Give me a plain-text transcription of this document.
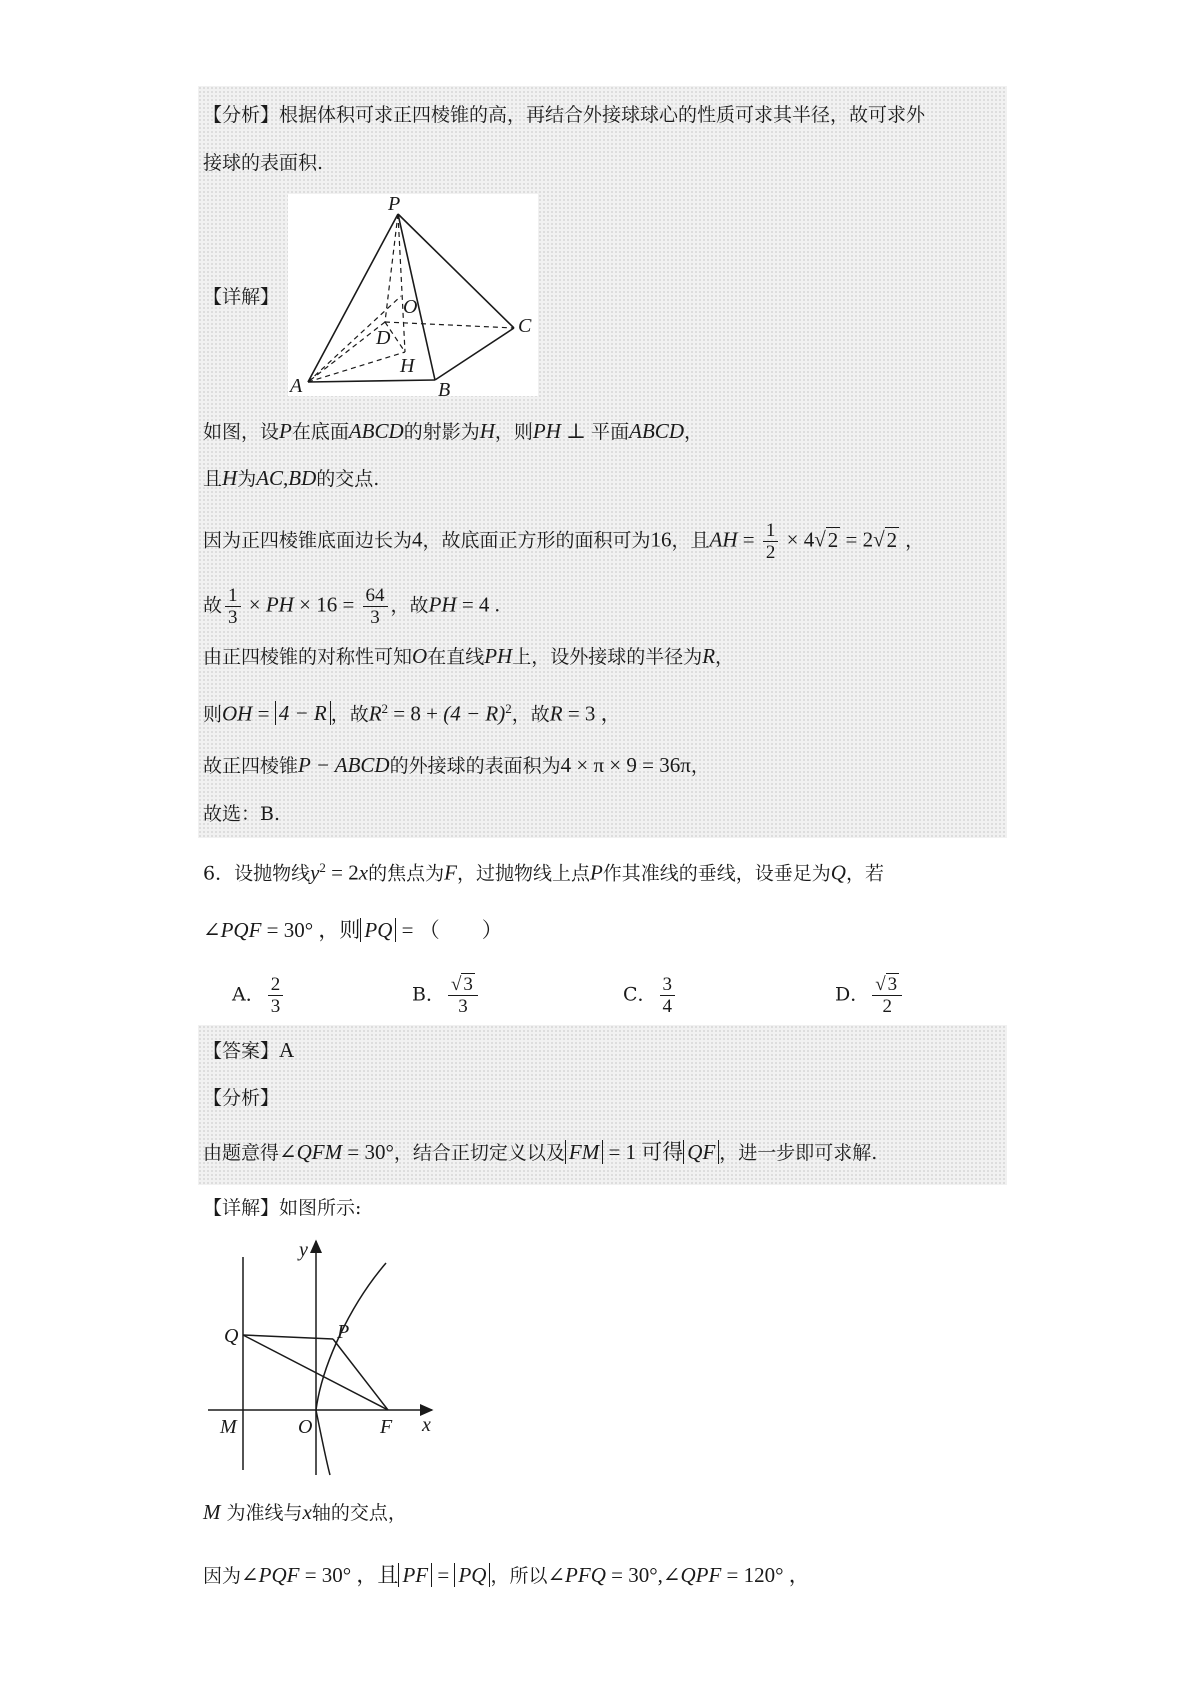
【分析】根据体积可求正四棱锥的高，再结合外接球球心的性质可求其半径，故可求外
接球的表面积.
【详解】
P
O
C
D
H
A	B
如图，设P在底面ABCD的射影为H，则PH ⊥ 平面ABCD，
且H为AC,BD的交点.
因为正四棱锥底面边长为4，故底面正方形的面积可为16，且AH = $\frac{1}{2} \times 4√2 = 2√2$ ，
故 $\frac{1}{3}$ × PH × $16 = \frac{64}{3}$ ，故PH = 4 .
由正四棱锥的对称性可知O在直线PH上，设外接球的半径为R，
则OH = 4 − R ，故$R^2 = 8 + (4 - R)^2$，故R = 3 ，
故正四棱锥P − ABCD的外接球的表面积为4 × π × 9 = 36π，
故选：B.
6．设抛物线$y^2 = 2x$的焦点为F，过抛物线上点P作其准线的垂线，设垂足为Q，若
∠PQF = 30° ，则 PQ = （　　）
A． $\frac{2}{3}$	B． $\frac{√ 3}{3}$	C． $\frac{3}{4}$	D． $\frac{√ 3}{2}$
【答案】A
【分析】
由题意得∠QFM = 30°，结合正切定义以及 FM = 1 可得 QF ，进一步即可求解.
【详解】如图所示:
y
x
Q	P
M	O	F
M 为准线与x轴的交点，
因为∠PQF = 30° ，且 PF = PQ ，所以∠PFQ = 30°,∠QPF = 120° ，
